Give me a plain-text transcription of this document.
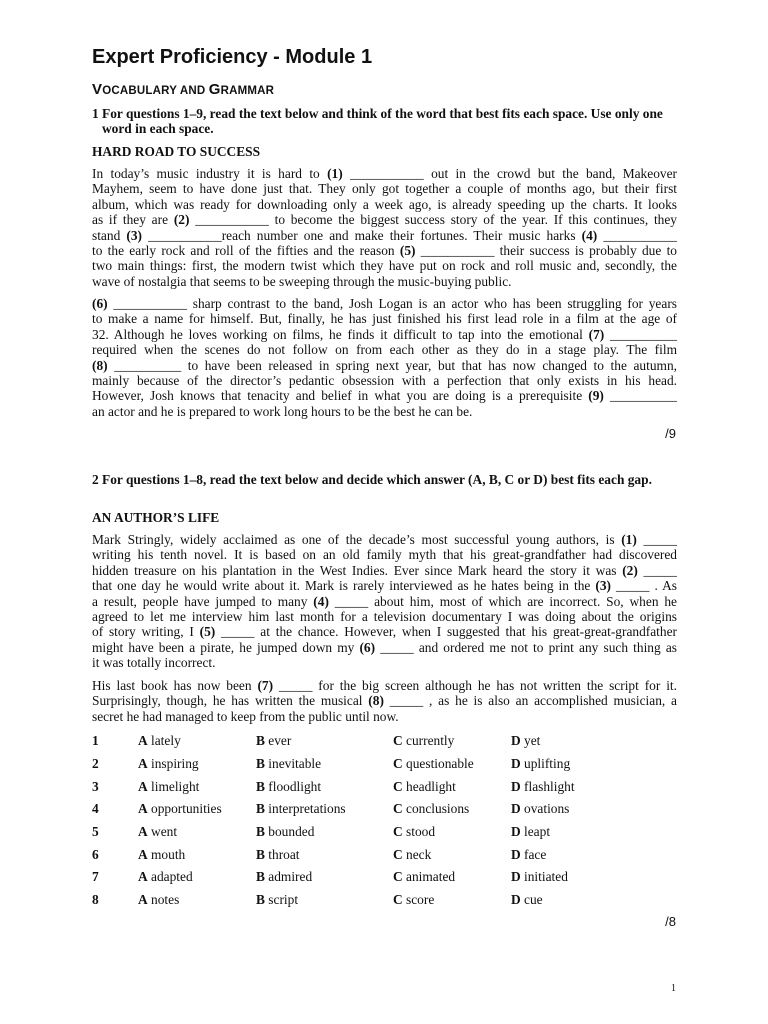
Expert Proficiency - Module 1
VOCABULARY AND GRAMMAR

1 For questions 1–9, read the text below and think of the word that best fits each space. Use only one word in each space.

HARD ROAD TO SUCCESS

In today’s music industry it is hard to (1) ___________ out in the crowd but the band, Makeover
Mayhem, seem to have done just that. They only got together a couple of months ago, but their first
album, which was ready for downloading only a week ago, is already speeding up the charts. It looks
as if they are (2) ___________ to become the biggest success story of the year. If this continues, they
stand (3) ___________reach number one and make their fortunes. Their music harks (4) ___________
to the early rock and roll of the fifties and the reason (5) ___________ their success is probably due to
two main things: first, the modern twist which they have put on rock and roll music and, secondly, the
wave of nostalgia that seems to be sweeping through the music-buying public.

(6) ___________ sharp contrast to the band, Josh Logan is an actor who has been struggling for years
to make a name for himself. But, finally, he has just finished his first lead role in a film at the age of
32. Although he loves working on films, he finds it difficult to tap into the emotional (7) __________
required when the scenes do not follow on from each other as they do in a stage play. The film
(8) __________ to have been released in spring next year, but that has now changed to the autumn,
mainly because of the director’s pedantic obsession with a perfection that only exists in his head.
However, Josh knows that tenacity and belief in what you are doing is a prerequisite (9) __________
an actor and he is prepared to work long hours to be the best he can be.

/9

2 For questions 1–8, read the text below and decide which answer (A, B, C or D) best fits each gap.

AN AUTHOR’S LIFE

Mark Stringly, widely acclaimed as one of the decade’s most successful young authors, is (1) _____
writing his tenth novel. It is based on an old family myth that his great-grandfather had discovered
hidden treasure on his plantation in the West Indies. Ever since Mark heard the story it was (2) _____
that one day he would write about it. Mark is rarely interviewed as he hates being in the (3) _____ . As
a result, people have jumped to many (4) _____ about him, most of which are incorrect. So, when he
agreed to let me interview him last month for a television documentary I was doing about the origins
of story writing, I (5) _____ at the chance. However, when I suggested that his great-great-grandfather
might have been a pirate, he jumped down my (6) _____ and ordered me not to print any such thing as
it was totally incorrect.

His last book has now been (7) _____ for the big screen although he has not written the script for it.
Surprisingly, though, he has written the musical (8) _____ , as he is also an accomplished musician, a
secret he had managed to keep from the public until now.

1	A lately	B ever	C currently	D yet
2	A inspiring	B inevitable	C questionable	D uplifting
3	A limelight	B floodlight	C headlight	D flashlight
4	A opportunities	B interpretations	C conclusions	D ovations
5	A went	B bounded	C stood	D leapt
6	A mouth	B throat	C neck	D face
7	A adapted	B admired	C animated	D initiated
8	A notes	B script	C score	D cue
/8
1
